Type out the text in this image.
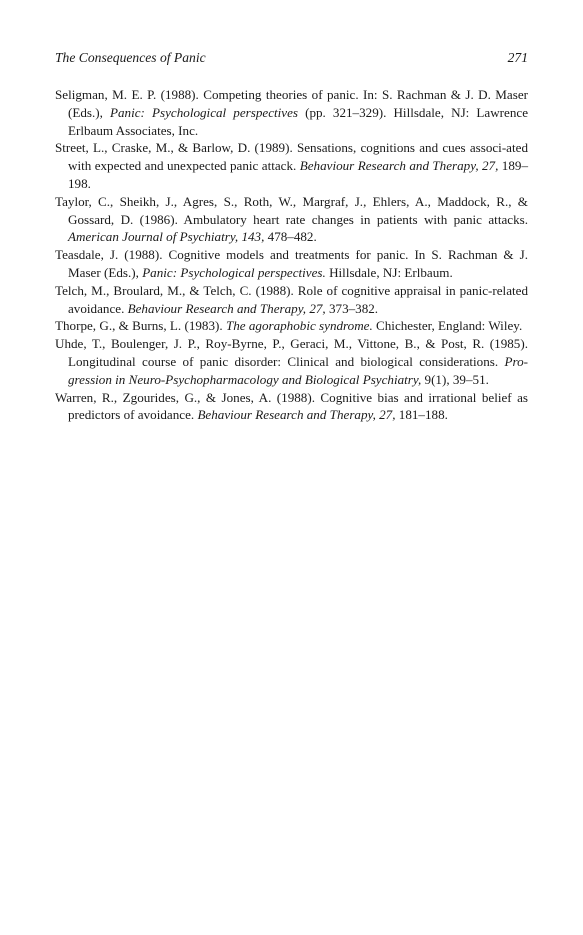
The Consequences of Panic	271
Seligman, M. E. P. (1988). Competing theories of panic. In: S. Rachman & J. D. Maser (Eds.), Panic: Psychological perspectives (pp. 321–329). Hillsdale, NJ: Lawrence Erlbaum Associates, Inc.
Street, L., Craske, M., & Barlow, D. (1989). Sensations, cognitions and cues associ-ated with expected and unexpected panic attack. Behaviour Research and Therapy, 27, 189–198.
Taylor, C., Sheikh, J., Agres, S., Roth, W., Margraf, J., Ehlers, A., Maddock, R., & Gossard, D. (1986). Ambulatory heart rate changes in patients with panic attacks. American Journal of Psychiatry, 143, 478–482.
Teasdale, J. (1988). Cognitive models and treatments for panic. In S. Rachman & J. Maser (Eds.), Panic: Psychological perspectives. Hillsdale, NJ: Erlbaum.
Telch, M., Broulard, M., & Telch, C. (1988). Role of cognitive appraisal in panic-related avoidance. Behaviour Research and Therapy, 27, 373–382.
Thorpe, G., & Burns, L. (1983). The agoraphobic syndrome. Chichester, England: Wiley.
Uhde, T., Boulenger, J. P., Roy-Byrne, P., Geraci, M., Vittone, B., & Post, R. (1985). Longitudinal course of panic disorder: Clinical and biological considerations. Pro-gression in Neuro-Psychopharmacology and Biological Psychiatry, 9(1), 39–51.
Warren, R., Zgourides, G., & Jones, A. (1988). Cognitive bias and irrational belief as predictors of avoidance. Behaviour Research and Therapy, 27, 181–188.
